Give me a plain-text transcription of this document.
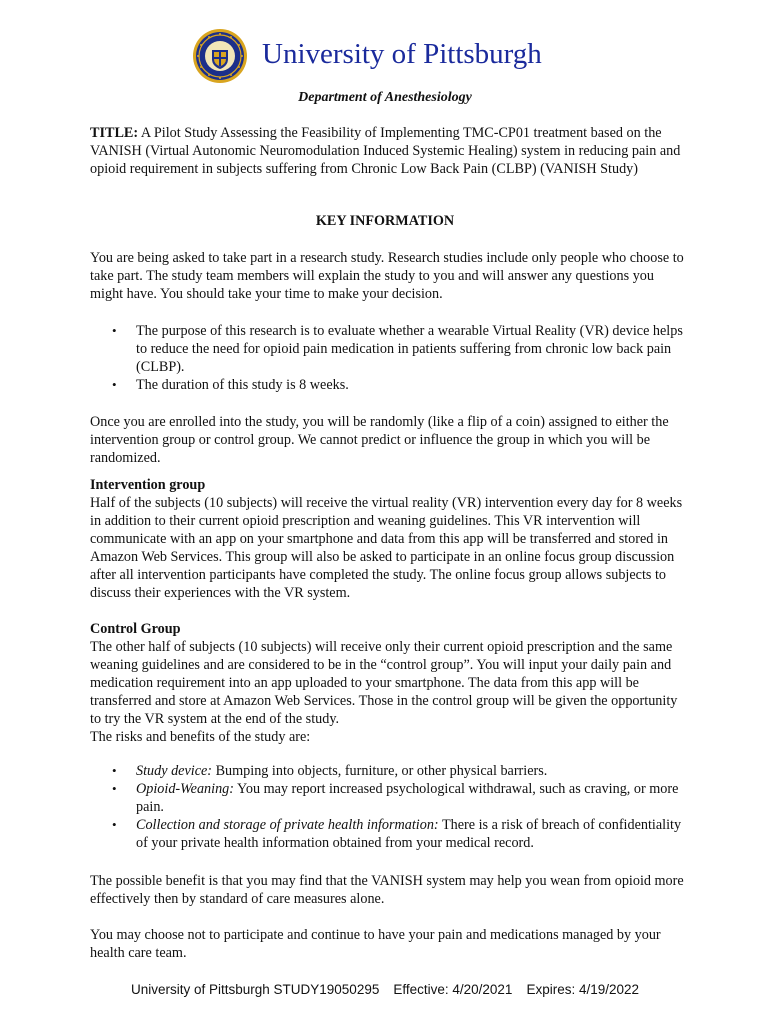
University of Pittsburgh
Department of Anesthesiology
TITLE: A Pilot Study Assessing the Feasibility of Implementing TMC-CP01 treatment based on the VANISH (Virtual Autonomic Neuromodulation Induced Systemic Healing) system in reducing pain and opioid requirement in subjects suffering from Chronic Low Back Pain (CLBP) (VANISH Study)
KEY INFORMATION

You are being asked to take part in a research study. Research studies include only people who choose to take part. The study team members will explain the study to you and will answer any questions you might have. You should take your time to make your decision.

• The purpose of this research is to evaluate whether a wearable Virtual Reality (VR) device helps to reduce the need for opioid pain medication in patients suffering from chronic low back pain (CLBP).
• The duration of this study is 8 weeks.

Once you are enrolled into the study, you will be randomly (like a flip of a coin) assigned to either the intervention group or control group. We cannot predict or influence the group in which you will be randomized.

Intervention group
Half of the subjects (10 subjects) will receive the virtual reality (VR) intervention every day for 8 weeks in addition to their current opioid prescription and weaning guidelines. This VR intervention will communicate with an app on your smartphone and data from this app will be transferred and stored in Amazon Web Services. This group will also be asked to participate in an online focus group discussion after all intervention participants have completed the study. The online focus group allows subjects to discuss their experiences with the VR system.
Control Group
The other half of subjects (10 subjects) will receive only their current opioid prescription and the same weaning guidelines and are considered to be in the “control group”. You will input your daily pain and medication requirement into an app uploaded to your smartphone. The data from this app will be transferred and store at Amazon Web Services. Those in the control group will be given the opportunity to try the VR system at the end of the study.
The risks and benefits of the study are:
• Study device: Bumping into objects, furniture, or other physical barriers.
• Opioid-Weaning: You may report increased psychological withdrawal, such as craving, or more pain.
• Collection and storage of private health information: There is a risk of breach of confidentiality of your private health information obtained from your medical record.

The possible benefit is that you may find that the VANISH system may help you wean from opioid more effectively then by standard of care measures alone.

You may choose not to participate and continue to have your pain and medications managed by your health care team.

University of Pittsburgh STUDY19050295 Effective: 4/20/2021 Expires: 4/19/2022
